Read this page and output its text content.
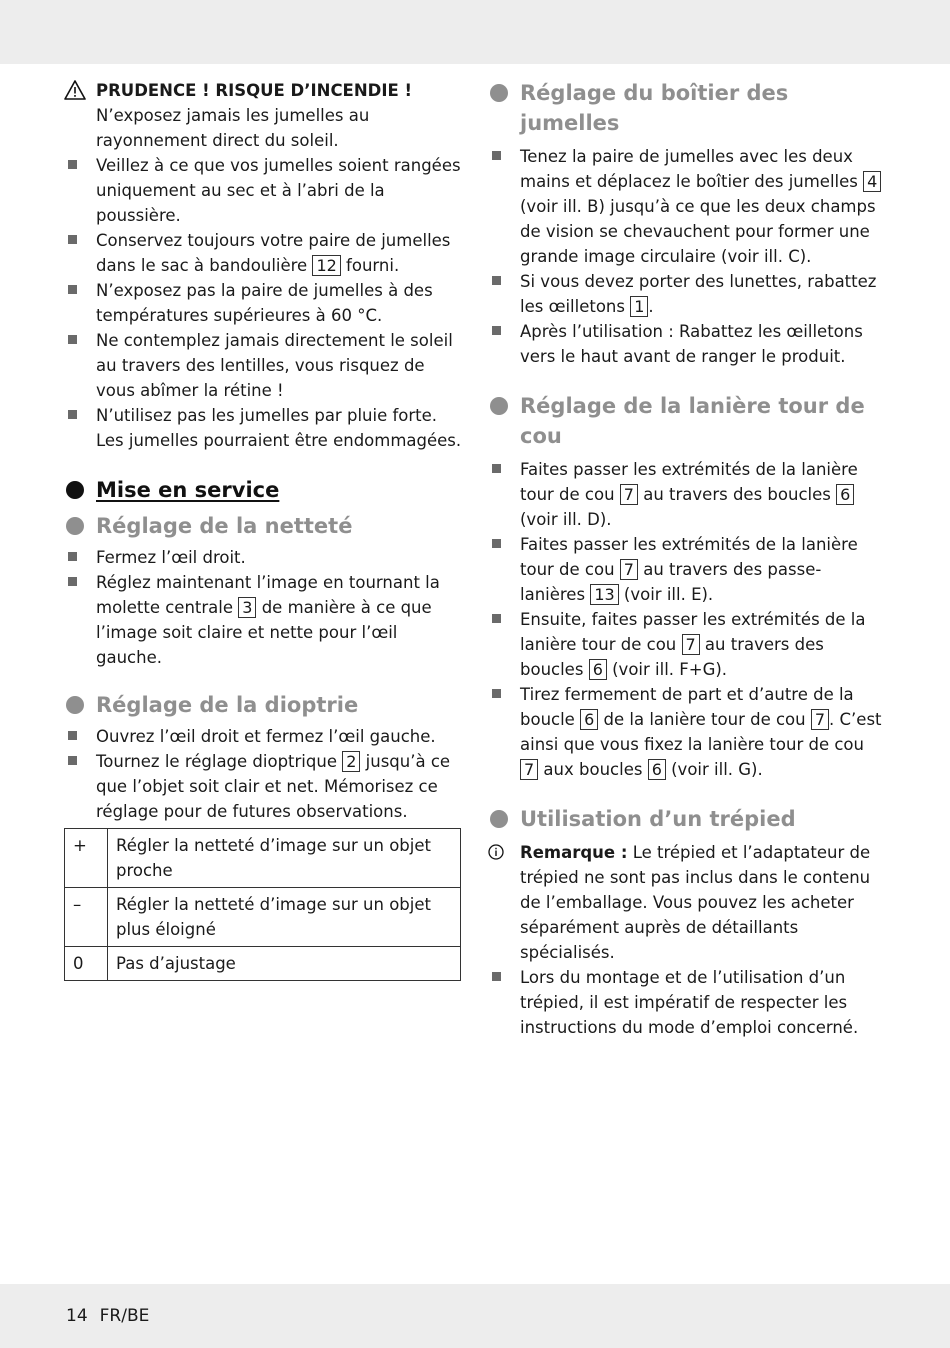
PRUDENCE ! RISQUE D’INCENDIE !

N’exposez jamais les jumelles au rayonnement direct du soleil.

Veillez à ce que vos jumelles soient rangées uniquement au sec et à l’abri de la poussière.
Conservez toujours votre paire de jumelles dans le sac à bandoulière 12 fourni.
N’exposez pas la paire de jumelles à des températures supérieures à 60 °C.
Ne contemplez jamais directement le soleil au travers des lentilles, vous risquez de vous abîmer la rétine !
N’utilisez pas les jumelles par pluie forte. Les jumelles pourraient être endommagées.
Mise en service
Réglage de la netteté
Fermez l’œil droit.
Réglez maintenant l’image en tournant la molette centrale 3 de manière à ce que l’image soit claire et nette pour l’œil gauche.
Réglage de la dioptrie
Ouvrez l’œil droit et fermez l’œil gauche.
Tournez le réglage dioptrique 2 jusqu’à ce que l’objet soit clair et net. Mémorisez ce réglage pour de futures observations.
+	Régler la netteté d’image sur un objet proche
–	Régler la netteté d’image sur un objet plus éloigné
0	Pas d’ajustage
Réglage du boîtier des jumelles
Tenez la paire de jumelles avec les deux mains et déplacez le boîtier des jumelles 4 (voir ill. B) jusqu’à ce que les deux champs de vision se chevauchent pour former une grande image circulaire (voir ill. C).
Si vous devez porter des lunettes, rabattez les œilletons 1 .
Après l’utilisation : Rabattez les œilletons vers le haut avant de ranger le produit.
Réglage de la lanière tour de cou
Faites passer les extrémités de la lanière tour de cou 7 au travers des boucles 6 (voir ill. D).
Faites passer les extrémités de la lanière tour de cou 7 au travers des passe-lanières 13 (voir ill. E).
Ensuite, faites passer les extrémités de la lanière tour de cou 7 au travers des boucles 6 (voir ill. F+G).
Tirez fermement de part et d’autre de la boucle 6 de la lanière tour de cou 7 . C’est ainsi que vous fixez la lanière tour de cou 7 aux boucles 6 (voir ill. G).
Utilisation d’un trépied
Remarque : Le trépied et l’adaptateur de trépied ne sont pas inclus dans le contenu de l’emballage. Vous pouvez les acheter séparément auprès de détaillants spécialisés.
Lors du montage et de l’utilisation d’un trépied, il est impératif de respecter les instructions du mode d’emploi concerné.
14 FR/BE
